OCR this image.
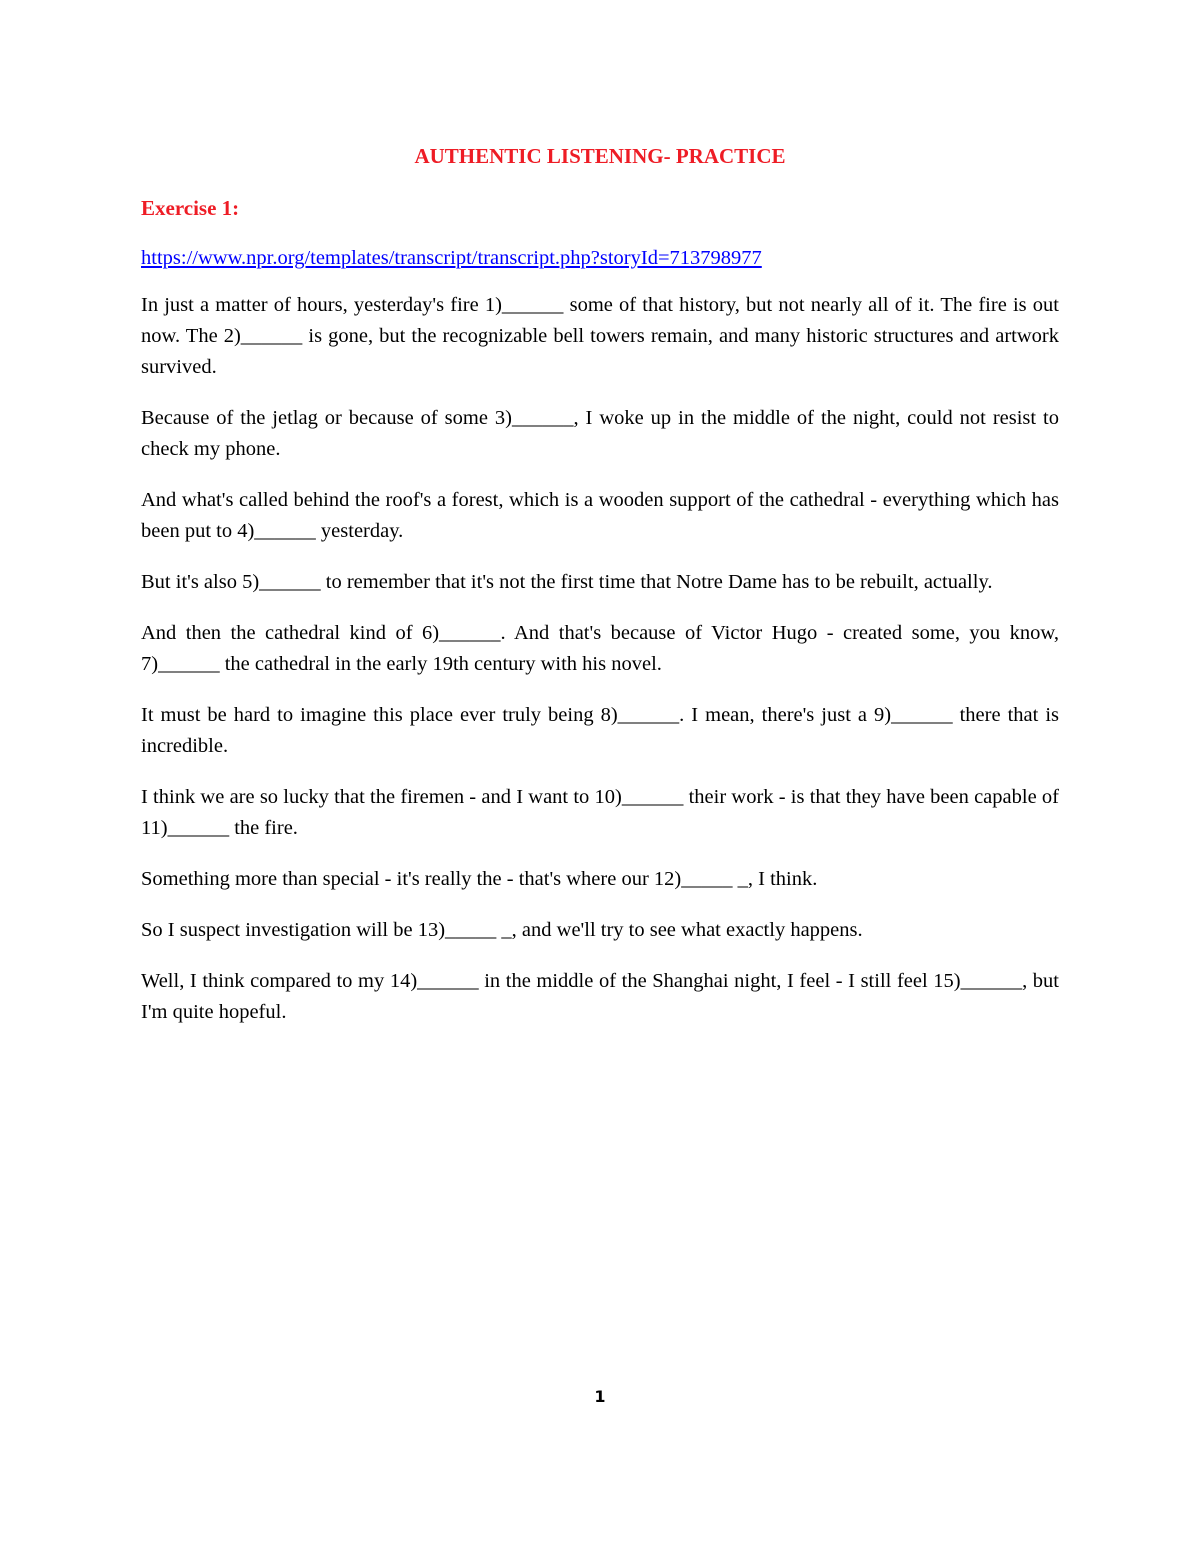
AUTHENTIC LISTENING- PRACTICE
Exercise 1:
https://www.npr.org/templates/transcript/transcript.php?storyId=713798977

In just a matter of hours, yesterday's fire 1)______ some of that history, but not nearly all of it. The fire is out now. The 2)______ is gone, but the recognizable bell towers remain, and many historic structures and artwork survived.

Because of the jetlag or because of some 3)______, I woke up in the middle of the night, could not resist to check my phone.

And what's called behind the roof's a forest, which is a wooden support of the cathedral - everything which has been put to 4)______ yesterday.

But it's also 5)______ to remember that it's not the first time that Notre Dame has to be rebuilt, actually.

And then the cathedral kind of 6)______. And that's because of Victor Hugo - created some, you know, 7)______ the cathedral in the early 19th century with his novel.

It must be hard to imagine this place ever truly being 8)______. I mean, there's just a 9)______ there that is incredible.

I think we are so lucky that the firemen - and I want to 10)______ their work - is that they have been capable of 11)______ the fire.

Something more than special - it's really the - that's where our 12)_____ _, I think.

So I suspect investigation will be 13)_____ _, and we'll try to see what exactly happens.

Well, I think compared to my 14)______ in the middle of the Shanghai night, I feel - I still feel 15)______, but I'm quite hopeful.

1
